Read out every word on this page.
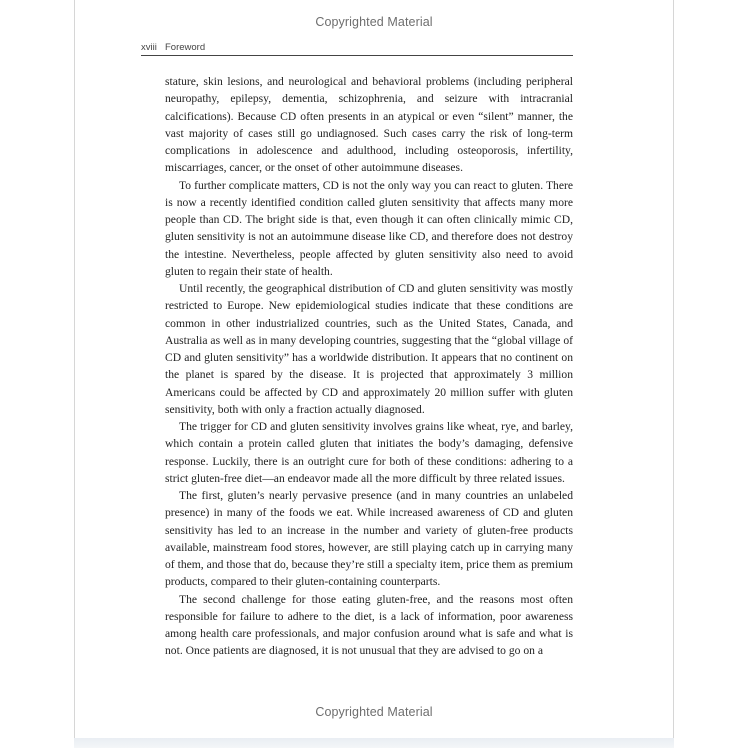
Copyrighted Material
xviii Foreword

stature, skin lesions, and neurological and behavioral problems (including peripheral neuropathy, epilepsy, dementia, schizophrenia, and seizure with intracranial calcifications). Because CD often presents in an atypical or even “silent” manner, the vast majority of cases still go undiagnosed. Such cases carry the risk of long-term complications in adolescence and adulthood, including osteoporosis, infertility, miscarriages, cancer, or the onset of other autoimmune diseases.

To further complicate matters, CD is not the only way you can react to gluten. There is now a recently identified condition called gluten sensitivity that affects many more people than CD. The bright side is that, even though it can often clinically mimic CD, gluten sensitivity is not an autoimmune disease like CD, and therefore does not destroy the intestine. Nevertheless, people affected by gluten sensitivity also need to avoid gluten to regain their state of health.

Until recently, the geographical distribution of CD and gluten sensitivity was mostly restricted to Europe. New epidemiological studies indicate that these conditions are common in other industrialized countries, such as the United States, Canada, and Australia as well as in many developing countries, suggesting that the “global village of CD and gluten sensitivity” has a worldwide distribution. It appears that no continent on the planet is spared by the disease. It is projected that approximately 3 million Americans could be affected by CD and approximately 20 million suffer with gluten sensitivity, both with only a fraction actually diagnosed.

The trigger for CD and gluten sensitivity involves grains like wheat, rye, and barley, which contain a protein called gluten that initiates the body’s damaging, defensive response. Luckily, there is an outright cure for both of these conditions: adhering to a strict gluten-free diet—an endeavor made all the more difficult by three related issues.

The first, gluten’s nearly pervasive presence (and in many countries an unlabeled presence) in many of the foods we eat. While increased awareness of CD and gluten sensitivity has led to an increase in the number and variety of gluten-free products available, mainstream food stores, however, are still playing catch up in carrying many of them, and those that do, because they’re still a specialty item, price them as premium products, compared to their gluten-containing counterparts.

The second challenge for those eating gluten-free, and the reasons most often responsible for failure to adhere to the diet, is a lack of information, poor awareness among health care professionals, and major confusion around what is safe and what is not. Once patients are diagnosed, it is not unusual that they are advised to go on a

Copyrighted Material
